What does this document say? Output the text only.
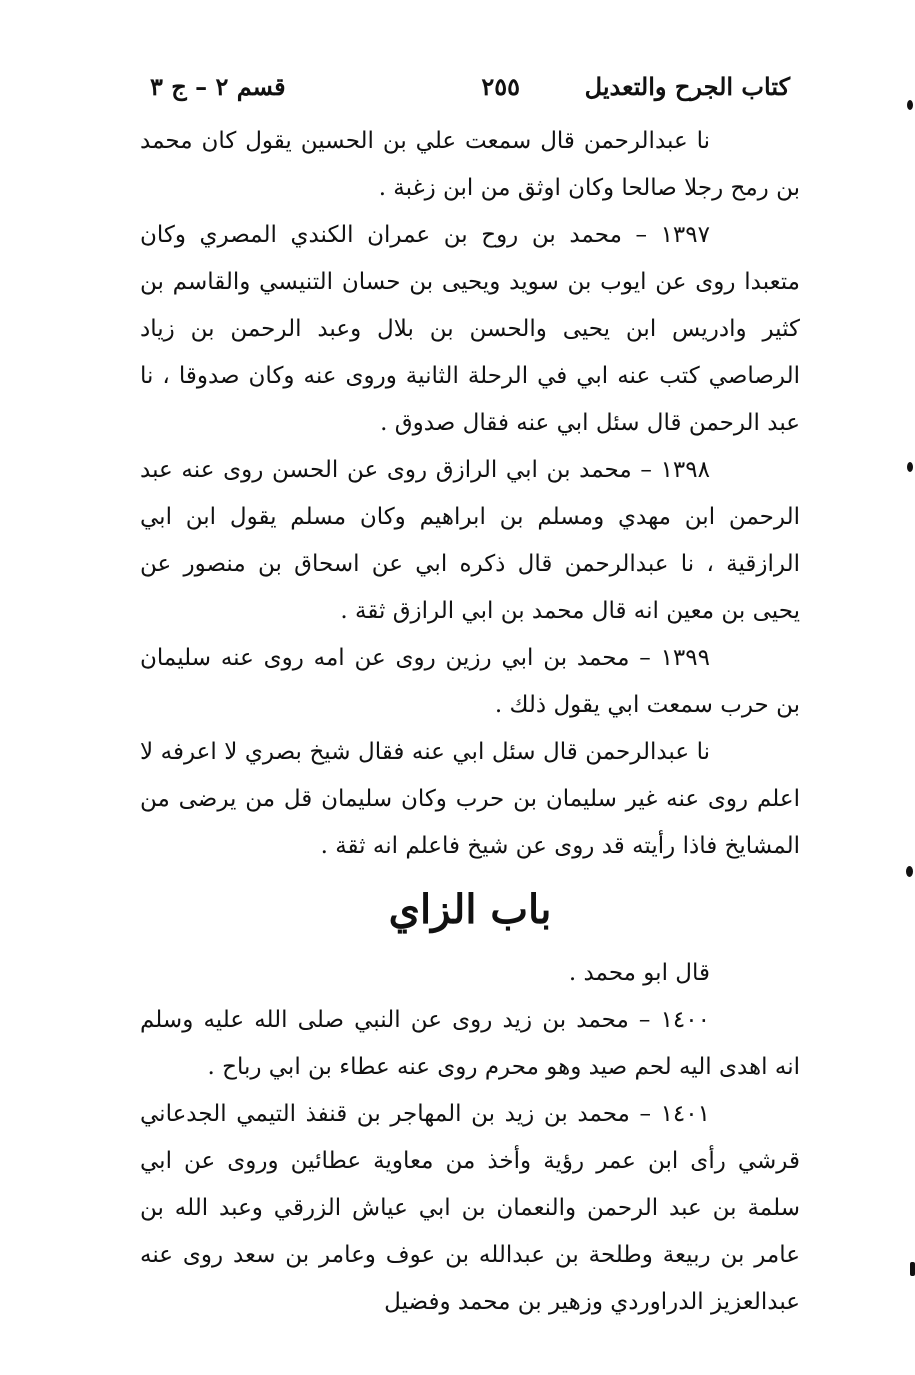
كتاب الجرح والتعديل
٢٥٥
قسم ٢ – ج ٣

نا عبدالرحمن قال سمعت علي بن الحسين يقول كان محمد بن رمح رجلا صالحا وكان اوثق من ابن زغبة .

١٣٩٧ – محمد بن روح بن عمران الكندي المصري وكان متعبدا روى عن ايوب بن سويد ويحيى بن حسان التنيسي والقاسم بن كثير وادريس ابن يحيى والحسن بن بلال وعبد الرحمن بن زياد الرصاصي كتب عنه ابي في الرحلة الثانية وروى عنه وكان صدوقا ، نا عبد الرحمن قال سئل ابي عنه فقال صدوق .

١٣٩٨ – محمد بن ابي الرازق روى عن الحسن روى عنه عبد الرحمن ابن مهدي ومسلم بن ابراهيم وكان مسلم يقول ابن ابي الرازقية ، نا عبدالرحمن قال ذكره ابي عن اسحاق بن منصور عن يحيى بن معين انه قال محمد بن ابي الرازق ثقة .

١٣٩٩ – محمد بن ابي رزين روى عن امه روى عنه سليمان بن حرب سمعت ابي يقول ذلك .

نا عبدالرحمن قال سئل ابي عنه فقال شيخ بصري لا اعرفه لا اعلم روى عنه غير سليمان بن حرب وكان سليمان قل من يرضى من المشايخ فاذا رأيته قد روى عن شيخ فاعلم انه ثقة .

باب الزاي

قال ابو محمد .

١٤٠٠ – محمد بن زيد روى عن النبي صلى الله عليه وسلم انه اهدى اليه لحم صيد وهو محرم روى عنه عطاء بن ابي رباح .

١٤٠١ – محمد بن زيد بن المهاجر بن قنفذ التيمي الجدعاني قرشي رأى ابن عمر رؤية وأخذ من معاوية عطائين وروى عن ابي سلمة بن عبد الرحمن والنعمان بن ابي عياش الزرقي وعبد الله بن عامر بن ربيعة وطلحة بن عبدالله بن عوف وعامر بن سعد روى عنه عبدالعزيز الدراوردي وزهير بن محمد وفضيل
